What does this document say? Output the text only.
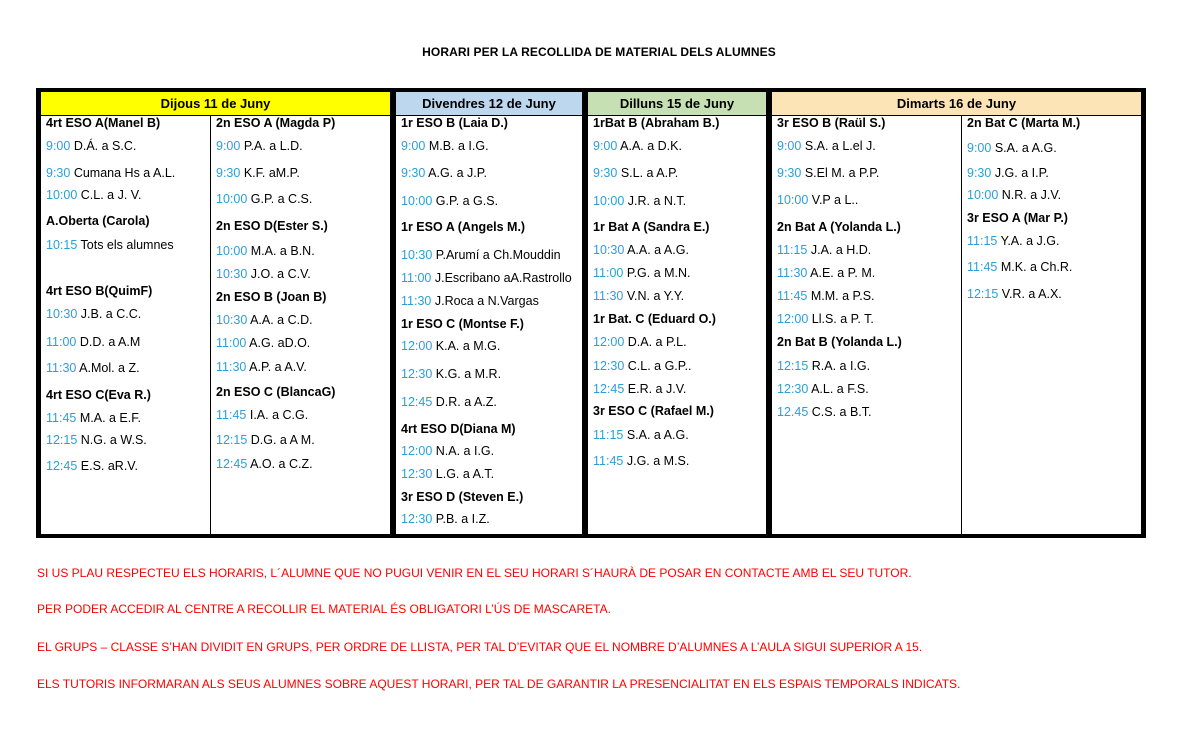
HORARI PER LA RECOLLIDA DE MATERIAL DELS ALUMNES
Dijous 11 de Juny
4rt ESO A(Manel B)
9:00 D.Á. a S.C.
9:30 Cumana Hs a A.L.
10:00 C.L. a J. V.
A.Oberta (Carola)
10:15 Tots els alumnes
4rt ESO B(QuimF)
10:30 J.B. a C.C.
11:00 D.D. a A.M
11:30 A.Mol. a Z.
4rt ESO C(Eva R.)
11:45 M.A. a E.F.
12:15 N.G. a W.S.
12:45 E.S. aR.V.
2n ESO A (Magda P)
9:00 P.A. a L.D.
9:30 K.F. aM.P.
10:00 G.P. a C.S.
2n ESO D(Ester S.)
10:00 M.A. a B.N.
10:30 J.O. a C.V.
2n ESO B (Joan B)
10:30 A.A. a C.D.
11:00 A.G. aD.O.
11:30 A.P. a A.V.
2n ESO C (BlancaG)
11:45 I.A. a C.G.
12:15 D.G. a A M.
12:45 A.O. a C.Z.
Divendres 12 de Juny
1r ESO B (Laia D.)
9:00 M.B. a I.G.
9:30 A.G. a J.P.
10:00 G.P. a G.S.
1r ESO A (Angels M.)
10:30 P.Arumí a Ch.Mouddin
11:00 J.Escribano aA.Rastrollo
11:30 J.Roca a N.Vargas
1r ESO C (Montse F.)
12:00 K.A. a M.G.
12:30 K.G. a M.R.
12:45 D.R. a A.Z.
4rt ESO D(Diana M)
12:00 N.A. a I.G.
12:30 L.G. a A.T.
3r ESO D (Steven E.)
12:30 P.B. a I.Z.
Dilluns 15 de Juny
1rBat B (Abraham B.)
9:00 A.A. a D.K.
9:30 S.L. a A.P.
10:00 J.R. a N.T.
1r Bat A (Sandra E.)
10:30 A.A. a A.G.
11:00 P.G. a M.N.
11:30 V.N. a Y.Y.
1r Bat. C (Eduard O.)
12:00 D.A. a P.L.
12:30 C.L. a G.P..
12:45 E.R. a J.V.
3r ESO C (Rafael M.)
11:15 S.A. a A.G.
11:45 J.G. a M.S.
Dimarts 16 de Juny
3r ESO B (Raül S.)
9:00 S.A. a L.el J.
9:30 S.El M. a P.P.
10:00 V.P a L..
2n Bat A (Yolanda L.)
11:15 J.A. a H.D.
11:30 A.E. a P. M.
11:45 M.M. a P.S.
12:00 Ll.S. a P. T.
2n Bat B (Yolanda L.)
12:15 R.A. a I.G.
12:30 A.L. a F.S.
12.45 C.S. a B.T.
2n Bat C (Marta M.)
9:00 S.A. a A.G.
9:30 J.G. a I.P.
10:00 N.R. a J.V.
3r ESO A (Mar P.)
11:15 Y.A. a J.G.
11:45 M.K. a Ch.R.
12:15 V.R. a A.X.
SI US PLAU RESPECTEU ELS HORARIS, L´ALUMNE QUE NO PUGUI VENIR EN EL SEU HORARI S´HAURÀ DE POSAR EN CONTACTE AMB EL SEU TUTOR.
PER PODER ACCEDIR AL CENTRE A RECOLLIR EL MATERIAL ÉS OBLIGATORI L’ÚS DE MASCARETA.
EL GRUPS – CLASSE S’HAN DIVIDIT EN GRUPS, PER ORDRE DE LLISTA, PER TAL D’EVITAR QUE EL NOMBRE D’ALUMNES A L’AULA SIGUI SUPERIOR A 15.
ELS TUTORIS INFORMARAN ALS SEUS ALUMNES SOBRE AQUEST HORARI, PER TAL DE GARANTIR LA PRESENCIALITAT EN ELS ESPAIS TEMPORALS INDICATS.
